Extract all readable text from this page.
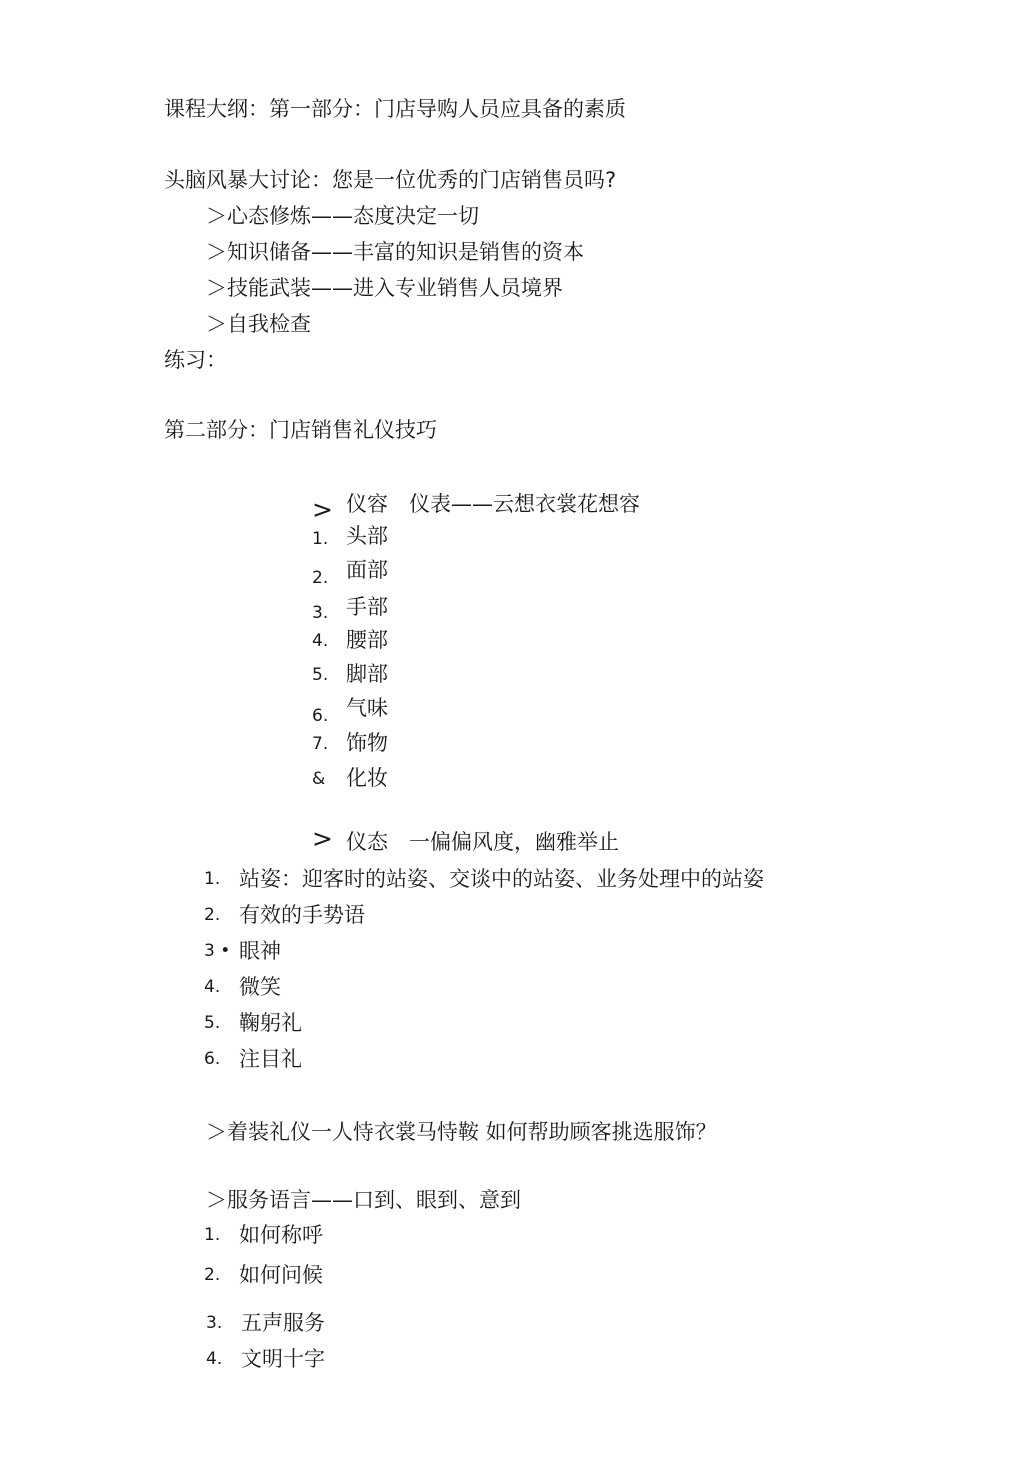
课程大纲：第一部分：门店导购人员应具备的素质
头脑风暴大讨论：您是一位优秀的门店销售员吗?
＞心态修炼——态度决定一切
＞知识储备——丰富的知识是销售的资本
＞技能武装——进入专业销售人员境界
＞自我检查
练习：
第二部分：门店销售礼仪技巧
> 仪容　仪表——云想衣裳花想容
1. 头部
2. 面部
3. 手部
4. 腰部
5. 脚部
6. 气味
7. 饰物
& 化妆
> 仪态　一偏偏风度，幽雅举止
1. 站姿：迎客时的站姿、交谈中的站姿、业务处理中的站姿
2. 有效的手势语
3 • 眼神
4. 微笑
5. 鞠躬礼
6. 注目礼
＞着装礼仪一人恃衣裳马恃鞍 如何帮助顾客挑选服饰？
＞服务语言——口到、眼到、意到
1. 如何称呼
2. 如何问候
3. 五声服务
4. 文明十字
